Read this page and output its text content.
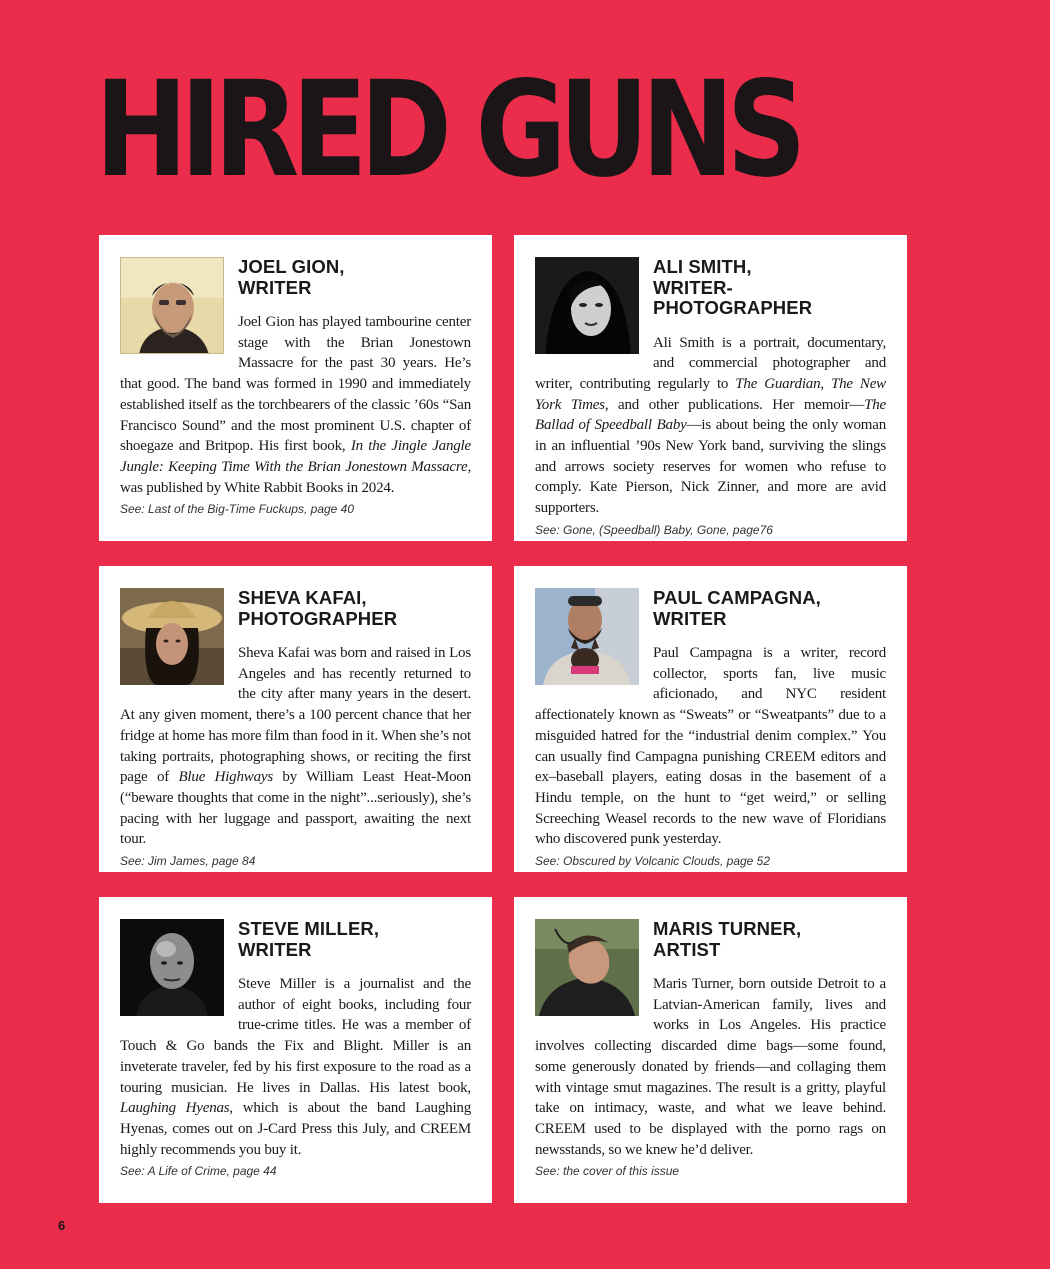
HIRED GUNS
JOEL GION,
WRITER

Joel Gion has played tambourine center stage with the Brian Jonestown Massacre for the past 30 years. He’s that good. The band was formed in 1990 and immediately established itself as the torchbearers of the classic ’60s “San Francisco Sound” and the most prominent U.S. chapter of shoegaze and Britpop. His first book, In the Jingle Jangle Jungle: Keeping Time With the Brian Jonestown Massacre, was published by White Rabbit Books in 2024.

See: Last of the Big-Time Fuckups, page 40
ALI SMITH,
WRITER-PHOTOGRAPHER

Ali Smith is a portrait, documentary, and commercial photographer and writer, contributing regularly to The Guardian, The New York Times, and other publications. Her memoir—The Ballad of Speedball Baby—is about being the only woman in an influential ’90s New York band, surviving the slings and arrows society reserves for women who refuse to comply. Kate Pierson, Nick Zinner, and more are avid supporters.

See: Gone, (Speedball) Baby, Gone, page76
SHEVA KAFAI,
PHOTOGRAPHER

Sheva Kafai was born and raised in Los Angeles and has recently returned to the city after many years in the desert. At any given moment, there’s a 100 percent chance that her fridge at home has more film than food in it. When she’s not taking portraits, photographing shows, or reciting the first page of Blue Highways by William Least Heat-Moon (“beware thoughts that come in the night”...seriously), she’s pacing with her luggage and passport, awaiting the next tour.

See: Jim James, page 84
PAUL CAMPAGNA,
WRITER

Paul Campagna is a writer, record collector, sports fan, live music aficionado, and NYC resident affectionately known as “Sweats” or “Sweatpants” due to a misguided hatred for the “industrial denim complex.” You can usually find Campagna punishing CREEM editors and ex–baseball players, eating dosas in the basement of a Hindu temple, on the hunt to “get weird,” or selling Screeching Weasel records to the new wave of Floridians who discovered punk yesterday.

See: Obscured by Volcanic Clouds, page 52
STEVE MILLER,
WRITER

Steve Miller is a journalist and the author of eight books, including four true-crime titles. He was a member of Touch & Go bands the Fix and Blight. Miller is an inveterate traveler, fed by his first exposure to the road as a touring musician. He lives in Dallas. His latest book, Laughing Hyenas, which is about the band Laughing Hyenas, comes out on J-Card Press this July, and CREEM highly recommends you buy it.

See: A Life of Crime, page 44
MARIS TURNER,
ARTIST

Maris Turner, born outside Detroit to a Latvian-American family, lives and works in Los Angeles. His practice involves collecting discarded dime bags—some found, some generously donated by friends—and collaging them with vintage smut magazines. The result is a gritty, playful take on intimacy, waste, and what we leave behind. CREEM used to be displayed with the porno rags on newsstands, so we knew he’d deliver.

See: the cover of this issue
6
